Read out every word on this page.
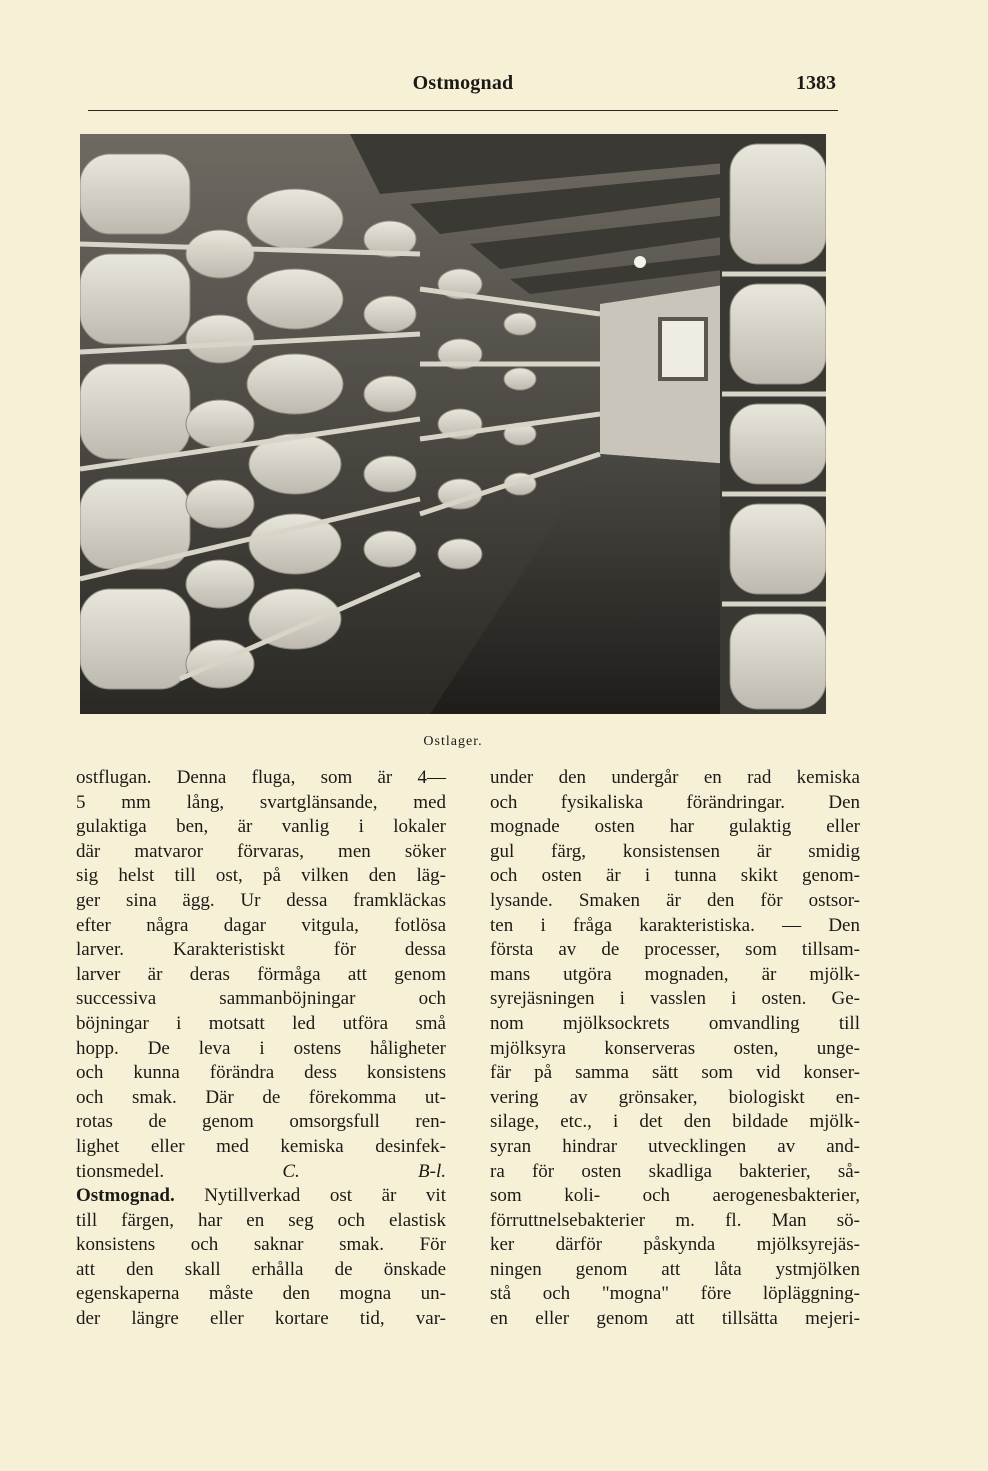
Ostmognad	1383
Ostlager.
ostflugan. Denna fluga, som är 4—
5 mm lång, svartglänsande, med
gulaktiga ben, är vanlig i lokaler
där matvaror förvaras, men söker
sig helst till ost, på vilken den läg-
ger sina ägg. Ur dessa framkläckas
efter några dagar vitgula, fotlösa
larver. Karakteristiskt för dessa
larver är deras förmåga att genom
successiva sammanböjningar och
böjningar i motsatt led utföra små
hopp. De leva i ostens håligheter
och kunna förändra dess konsistens
och smak. Där de förekomma ut-
rotas de genom omsorgsfull ren-
lighet eller med kemiska desinfek-
tionsmedel.	C. B-l.
Ostmognad. Nytillverkad ost är vit
till färgen, har en seg och elastisk
konsistens och saknar smak. För
att den skall erhålla de önskade
egenskaperna måste den mogna un-
der längre eller kortare tid, var-
under den undergår en rad kemiska
och fysikaliska förändringar. Den
mognade osten har gulaktig eller
gul färg, konsistensen är smidig
och osten är i tunna skikt genom-
lysande. Smaken är den för ostsor-
ten i fråga karakteristiska. — Den
första av de processer, som tillsam-
mans utgöra mognaden, är mjölk-
syrejäsningen i vasslen i osten. Ge-
nom mjölksockrets omvandling till
mjölksyra konserveras osten, unge-
fär på samma sätt som vid konser-
vering av grönsaker, biologiskt en-
silage, etc., i det den bildade mjölk-
syran hindrar utvecklingen av and-
ra för osten skadliga bakterier, så-
som koli- och aerogenesbakterier,
förruttnelsebakterier m. fl. Man sö-
ker därför påskynda mjölksyrejäs-
ningen genom att låta ystmjölken
stå och "mogna" före löpläggning-
en eller genom att tillsätta mejeri-
